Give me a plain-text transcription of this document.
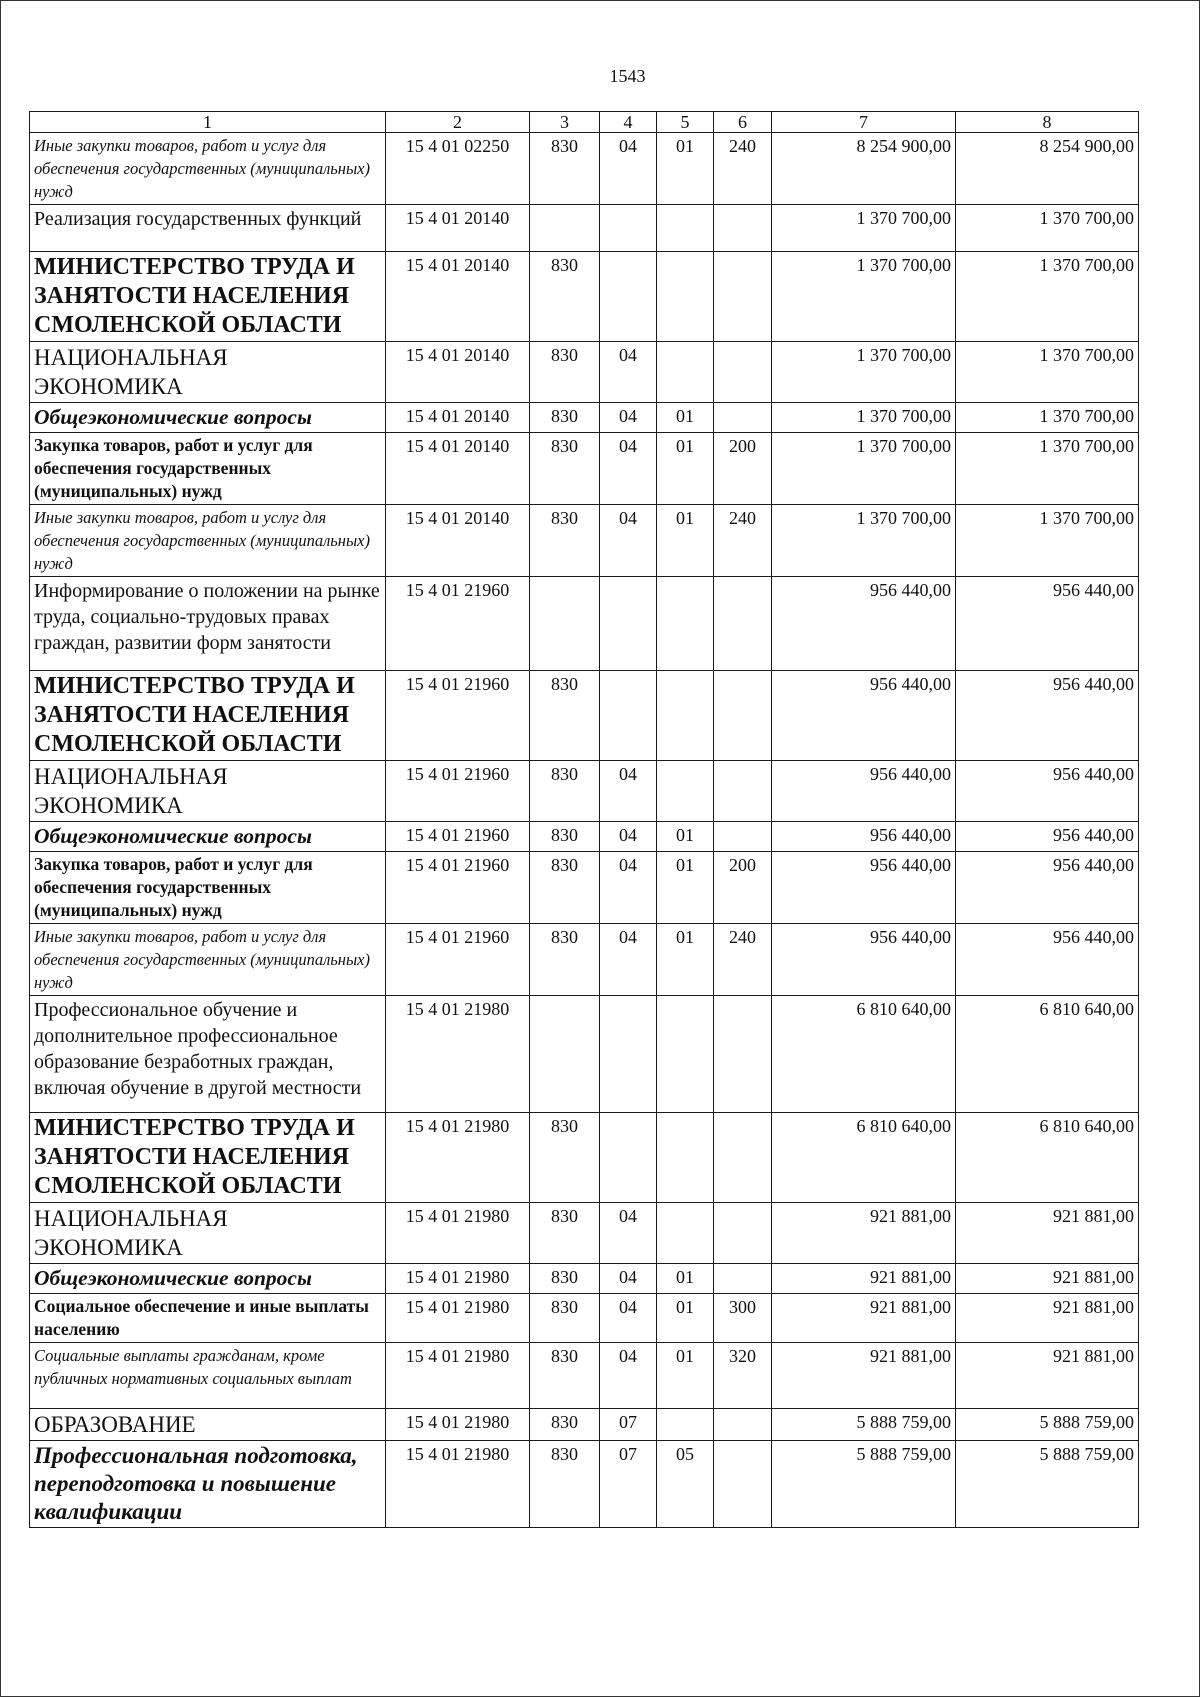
1543
1	2	3	4	5	6	7	8
Иные закупки товаров, работ и услуг для обеспечения государственных (муниципальных) нужд	15 4 01 02250	830	04	01	240	8 254 900,00	8 254 900,00
Реализация государственных функций	15 4 01 20140					1 370 700,00	1 370 700,00
МИНИСТЕРСТВО ТРУДА И ЗАНЯТОСТИ НАСЕЛЕНИЯ СМОЛЕНСКОЙ ОБЛАСТИ	15 4 01 20140	830				1 370 700,00	1 370 700,00
НАЦИОНАЛЬНАЯ ЭКОНОМИКА	15 4 01 20140	830	04			1 370 700,00	1 370 700,00
Общеэкономические вопросы	15 4 01 20140	830	04	01		1 370 700,00	1 370 700,00
Закупка товаров, работ и услуг для обеспечения государственных (муниципальных) нужд	15 4 01 20140	830	04	01	200	1 370 700,00	1 370 700,00
Иные закупки товаров, работ и услуг для обеспечения государственных (муниципальных) нужд	15 4 01 20140	830	04	01	240	1 370 700,00	1 370 700,00
Информирование о положении на рынке труда, социально-трудовых правах граждан, развитии форм занятости	15 4 01 21960					956 440,00	956 440,00
МИНИСТЕРСТВО ТРУДА И ЗАНЯТОСТИ НАСЕЛЕНИЯ СМОЛЕНСКОЙ ОБЛАСТИ	15 4 01 21960	830				956 440,00	956 440,00
НАЦИОНАЛЬНАЯ ЭКОНОМИКА	15 4 01 21960	830	04			956 440,00	956 440,00
Общеэкономические вопросы	15 4 01 21960	830	04	01		956 440,00	956 440,00
Закупка товаров, работ и услуг для обеспечения государственных (муниципальных) нужд	15 4 01 21960	830	04	01	200	956 440,00	956 440,00
Иные закупки товаров, работ и услуг для обеспечения государственных (муниципальных) нужд	15 4 01 21960	830	04	01	240	956 440,00	956 440,00
Профессиональное обучение и дополнительное профессиональное образование безработных граждан, включая обучение в другой местности	15 4 01 21980					6 810 640,00	6 810 640,00
МИНИСТЕРСТВО ТРУДА И ЗАНЯТОСТИ НАСЕЛЕНИЯ СМОЛЕНСКОЙ ОБЛАСТИ	15 4 01 21980	830				6 810 640,00	6 810 640,00
НАЦИОНАЛЬНАЯ ЭКОНОМИКА	15 4 01 21980	830	04			921 881,00	921 881,00
Общеэкономические вопросы	15 4 01 21980	830	04	01		921 881,00	921 881,00
Социальное обеспечение и иные выплаты населению	15 4 01 21980	830	04	01	300	921 881,00	921 881,00
Социальные выплаты гражданам, кроме публичных нормативных социальных выплат	15 4 01 21980	830	04	01	320	921 881,00	921 881,00
ОБРАЗОВАНИЕ	15 4 01 21980	830	07			5 888 759,00	5 888 759,00
Профессиональная подготовка, переподготовка и повышение квалификации	15 4 01 21980	830	07	05		5 888 759,00	5 888 759,00
